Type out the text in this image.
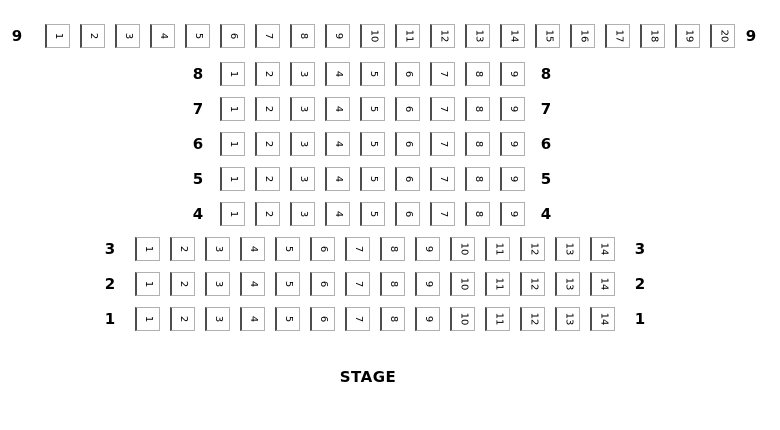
STAGE
9	1 2 3 4 5 6 7 8 9 10 11 12 13 14 15 16 17 18 19 20	9
8	1 2 3 4 5 6 7 8 9	8
7	1 2 3 4 5 6 7 8 9	7
6	1 2 3 4 5 6 7 8 9	6
5	1 2 3 4 5 6 7 8 9	5
4	1 2 3 4 5 6 7 8 9	4
3	1 2 3 4 5 6 7 8 9 10 11 12 13 14	3
2	1 2 3 4 5 6 7 8 9 10 11 12 13 14	2
1	1 2 3 4 5 6 7 8 9 10 11 12 13 14	1
